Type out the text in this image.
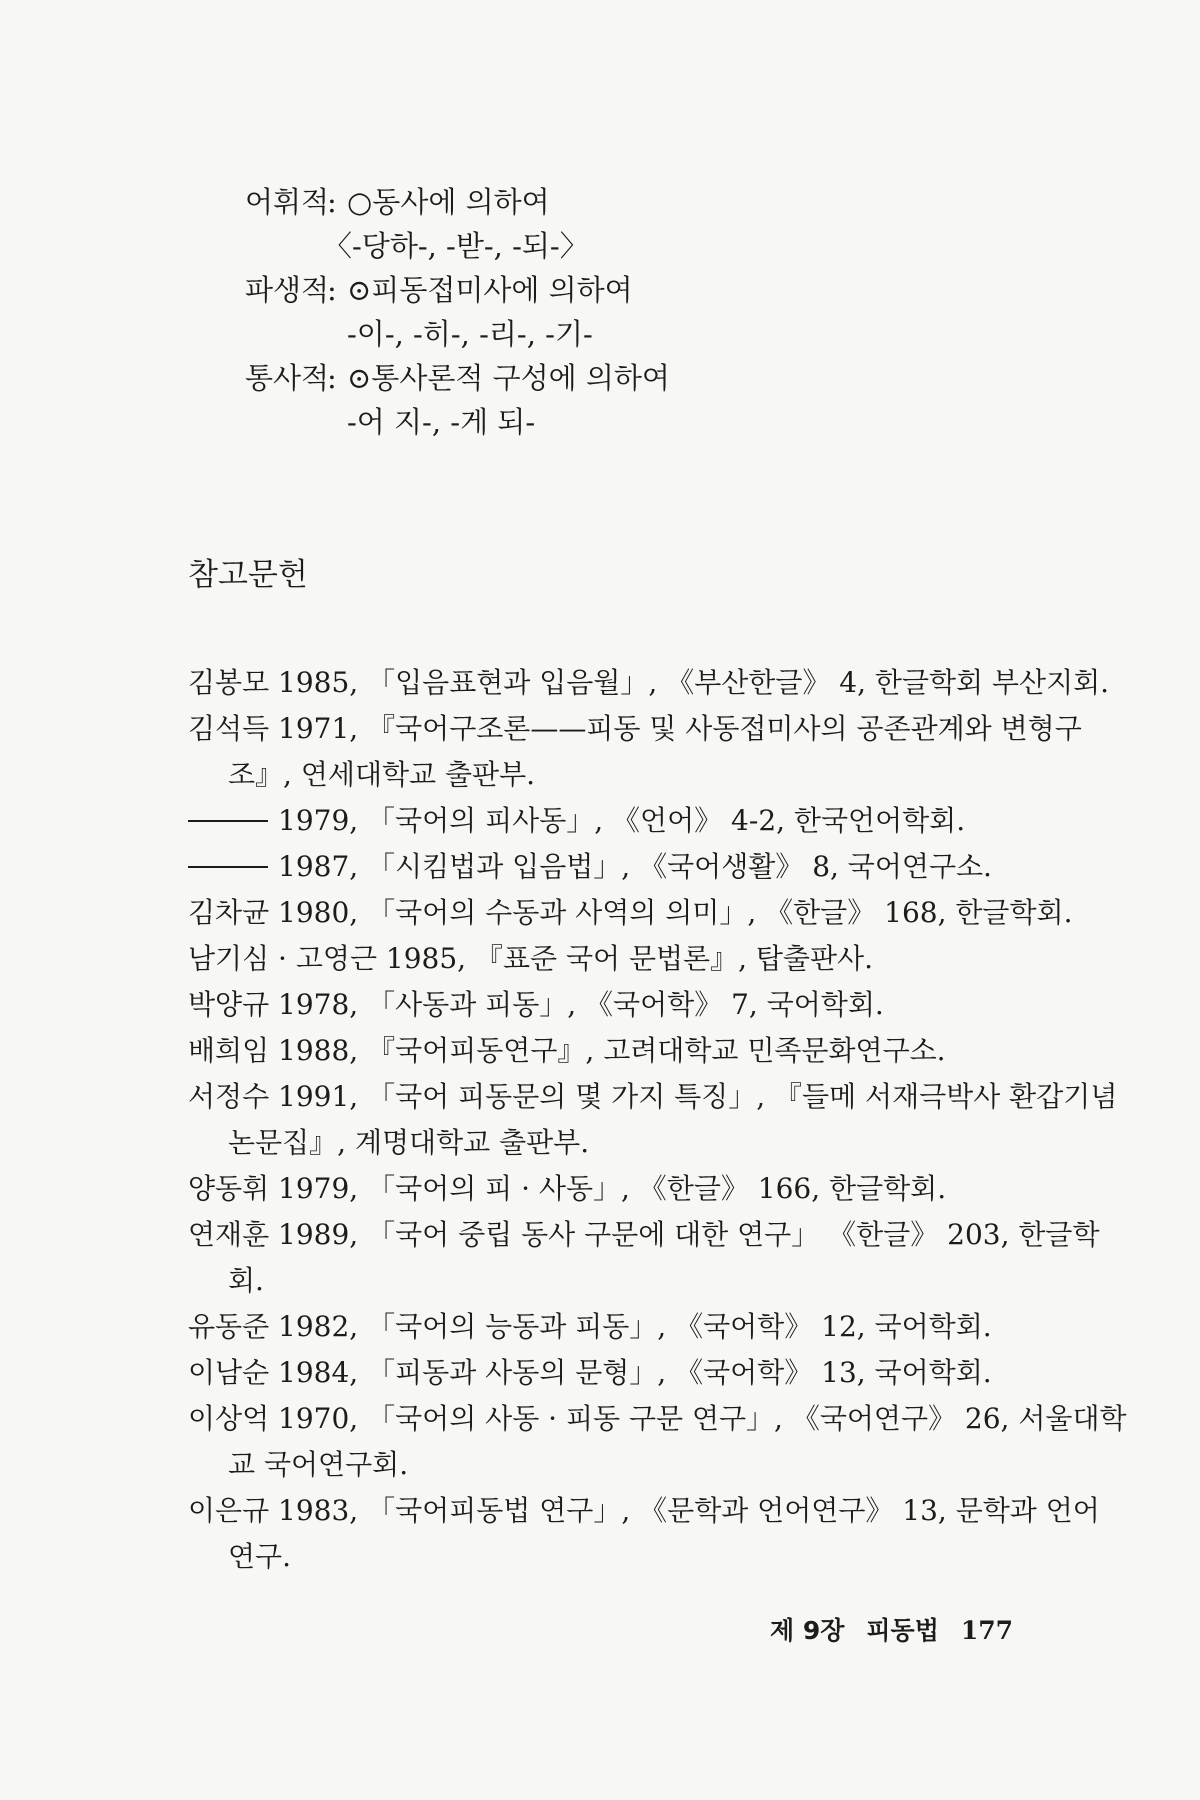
어휘적
: ○동사에 의하여
〈-당하-, -받-, -되-〉
파생적
: ⊙피동접미사에 의하여
-이-, -히-, -리-, -기-
통사적
: ⊙통사론적 구성에 의하여
-어 지-, -게 되-
참고문헌
김봉모 1985, 「입음표현과 입음월」, 《부산한글》 4, 한글학회 부산지회.
김석득 1971, 『국어구조론——피동 및 사동접미사의 공존관계와 변형구
조』, 연세대학교 출판부.
1979, 「국어의 피사동」, 《언어》 4-2, 한국언어학회.
1987, 「시킴법과 입음법」, 《국어생활》 8, 국어연구소.
김차균 1980, 「국어의 수동과 사역의 의미」, 《한글》 168, 한글학회.
남기심 · 고영근 1985, 『표준 국어 문법론』, 탑출판사.
박양규 1978, 「사동과 피동」, 《국어학》 7, 국어학회.
배희임 1988, 『국어피동연구』, 고려대학교 민족문화연구소.
서정수 1991, 「국어 피동문의 몇 가지 특징」, 『들메 서재극박사 환갑기념
논문집』, 계명대학교 출판부.
양동휘 1979, 「국어의 피 · 사동」, 《한글》 166, 한글학회.
연재훈 1989, 「국어 중립 동사 구문에 대한 연구」 《한글》 203, 한글학
회.
유동준 1982, 「국어의 능동과 피동」, 《국어학》 12, 국어학회.
이남순 1984, 「피동과 사동의 문형」, 《국어학》 13, 국어학회.
이상억 1970, 「국어의 사동 · 피동 구문 연구」, 《국어연구》 26, 서울대학
교 국어연구회.
이은규 1983, 「국어피동법 연구」, 《문학과 언어연구》 13, 문학과 언어
연구.
제 9장 피동법 177
